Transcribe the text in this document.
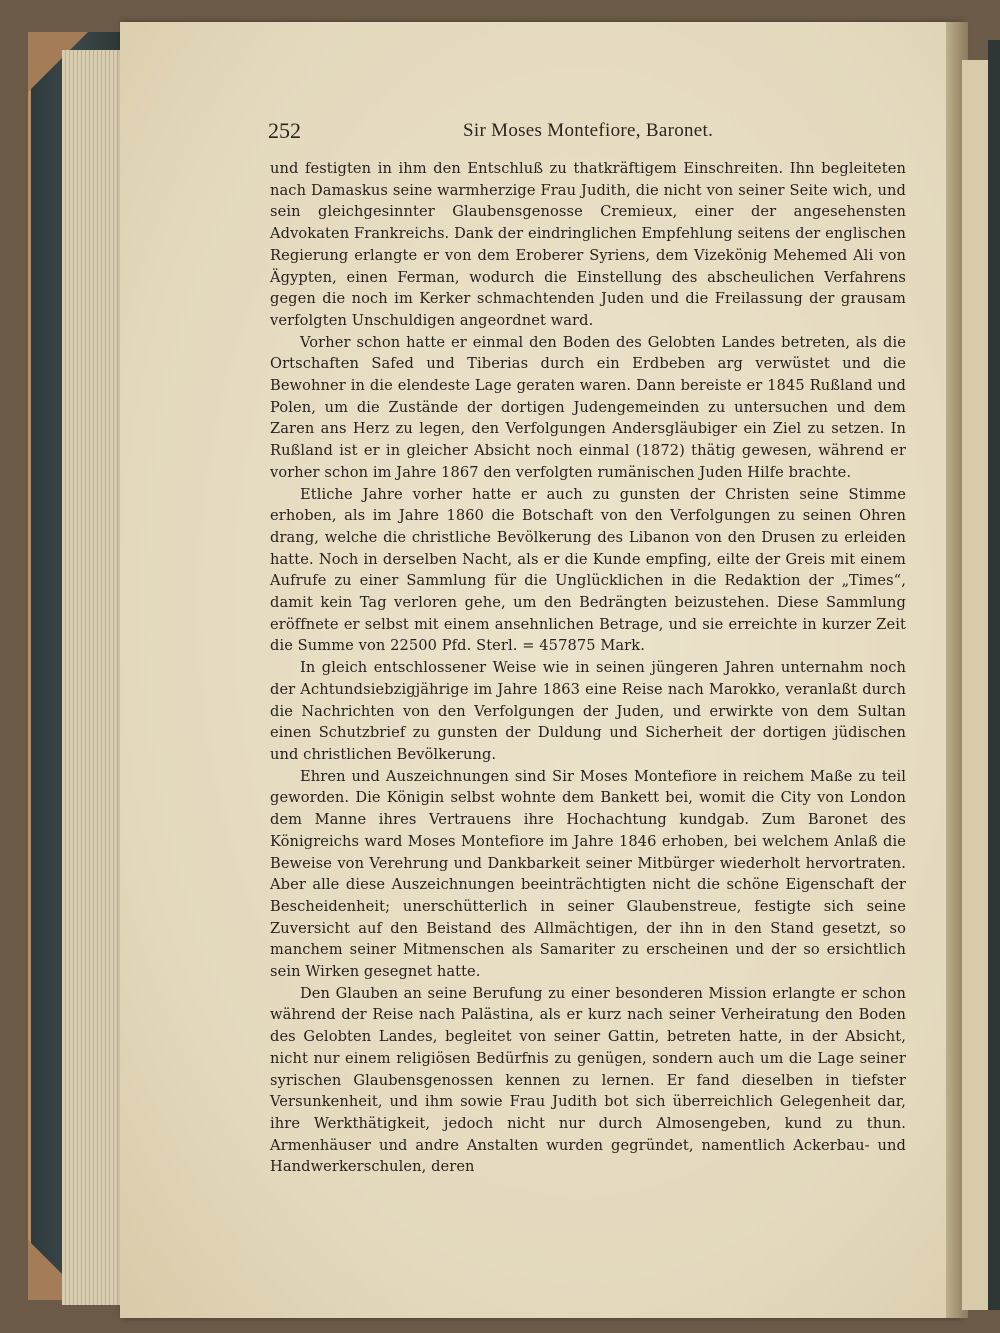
252	Sir Moses Montefiore, Baronet.

und festigten in ihm den Entschluß zu thatkräftigem Einschreiten. Ihn begleiteten nach Damaskus seine warmherzige Frau Judith, die nicht von seiner Seite wich, und sein gleichgesinnter Glaubensgenosse Cremieux, einer der angesehensten Advokaten Frankreichs. Dank der eindringlichen Empfehlung seitens der englischen Regierung erlangte er von dem Eroberer Syriens, dem Vizekönig Mehemed Ali von Ägypten, einen Ferman, wodurch die Einstellung des abscheulichen Verfahrens gegen die noch im Kerker schmachtenden Juden und die Freilassung der grausam verfolgten Unschuldigen angeordnet ward.

Vorher schon hatte er einmal den Boden des Gelobten Landes betreten, als die Ortschaften Safed und Tiberias durch ein Erdbeben arg verwüstet und die Bewohner in die elendeste Lage geraten waren. Dann bereiste er 1845 Rußland und Polen, um die Zustände der dortigen Judengemeinden zu untersuchen und dem Zaren ans Herz zu legen, den Verfolgungen Andersgläubiger ein Ziel zu setzen. In Rußland ist er in gleicher Absicht noch einmal (1872) thätig gewesen, während er vorher schon im Jahre 1867 den verfolgten rumänischen Juden Hilfe brachte.

Etliche Jahre vorher hatte er auch zu gunsten der Christen seine Stimme erhoben, als im Jahre 1860 die Botschaft von den Verfolgungen zu seinen Ohren drang, welche die christliche Bevölkerung des Libanon von den Drusen zu erleiden hatte. Noch in derselben Nacht, als er die Kunde empfing, eilte der Greis mit einem Aufrufe zu einer Sammlung für die Unglücklichen in die Redaktion der „Times“, damit kein Tag verloren gehe, um den Bedrängten beizustehen. Diese Sammlung eröffnete er selbst mit einem ansehnlichen Betrage, und sie erreichte in kurzer Zeit die Summe von 22500 Pfd. Sterl. = 457875 Mark.

In gleich entschlossener Weise wie in seinen jüngeren Jahren unternahm noch der Achtundsiebzigjährige im Jahre 1863 eine Reise nach Marokko, veranlaßt durch die Nachrichten von den Verfolgungen der Juden, und erwirkte von dem Sultan einen Schutzbrief zu gunsten der Duldung und Sicherheit der dortigen jüdischen und christlichen Bevölkerung.

Ehren und Auszeichnungen sind Sir Moses Montefiore in reichem Maße zu teil geworden. Die Königin selbst wohnte dem Bankett bei, womit die City von London dem Manne ihres Vertrauens ihre Hochachtung kundgab. Zum Baronet des Königreichs ward Moses Montefiore im Jahre 1846 erhoben, bei welchem Anlaß die Beweise von Verehrung und Dankbarkeit seiner Mitbürger wiederholt hervortraten. Aber alle diese Auszeichnungen beeinträchtigten nicht die schöne Eigenschaft der Bescheidenheit; unerschütterlich in seiner Glaubenstreue, festigte sich seine Zuversicht auf den Beistand des Allmächtigen, der ihn in den Stand gesetzt, so manchem seiner Mitmenschen als Samariter zu erscheinen und der so ersichtlich sein Wirken gesegnet hatte.

Den Glauben an seine Berufung zu einer besonderen Mission erlangte er schon während der Reise nach Palästina, als er kurz nach seiner Verheiratung den Boden des Gelobten Landes, begleitet von seiner Gattin, betreten hatte, in der Absicht, nicht nur einem religiösen Bedürfnis zu genügen, sondern auch um die Lage seiner syrischen Glaubensgenossen kennen zu lernen. Er fand dieselben in tiefster Versunkenheit, und ihm sowie Frau Judith bot sich überreichlich Gelegenheit dar, ihre Werkthätigkeit, jedoch nicht nur durch Almosengeben, kund zu thun. Armenhäuser und andre Anstalten wurden gegründet, namentlich Ackerbau- und Handwerkerschulen, deren
